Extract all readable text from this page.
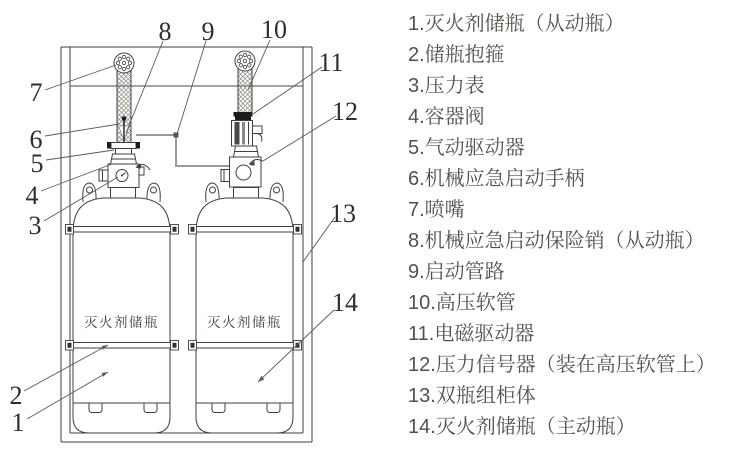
灭火剂储瓶	灭火剂储瓶
1
2
3
4
5
6
7
8 9 10
11
12
13
14
1.灭火剂储瓶（从动瓶）
2.储瓶抱箍
3.压力表
4.容器阀
5.气动驱动器
6.机械应急启动手柄
7.喷嘴
8.机械应急启动保险销（从动瓶）
9.启动管路
10.高压软管
11.电磁驱动器
12.压力信号器（装在高压软管上）
13.双瓶组柜体
14.灭火剂储瓶（主动瓶）
